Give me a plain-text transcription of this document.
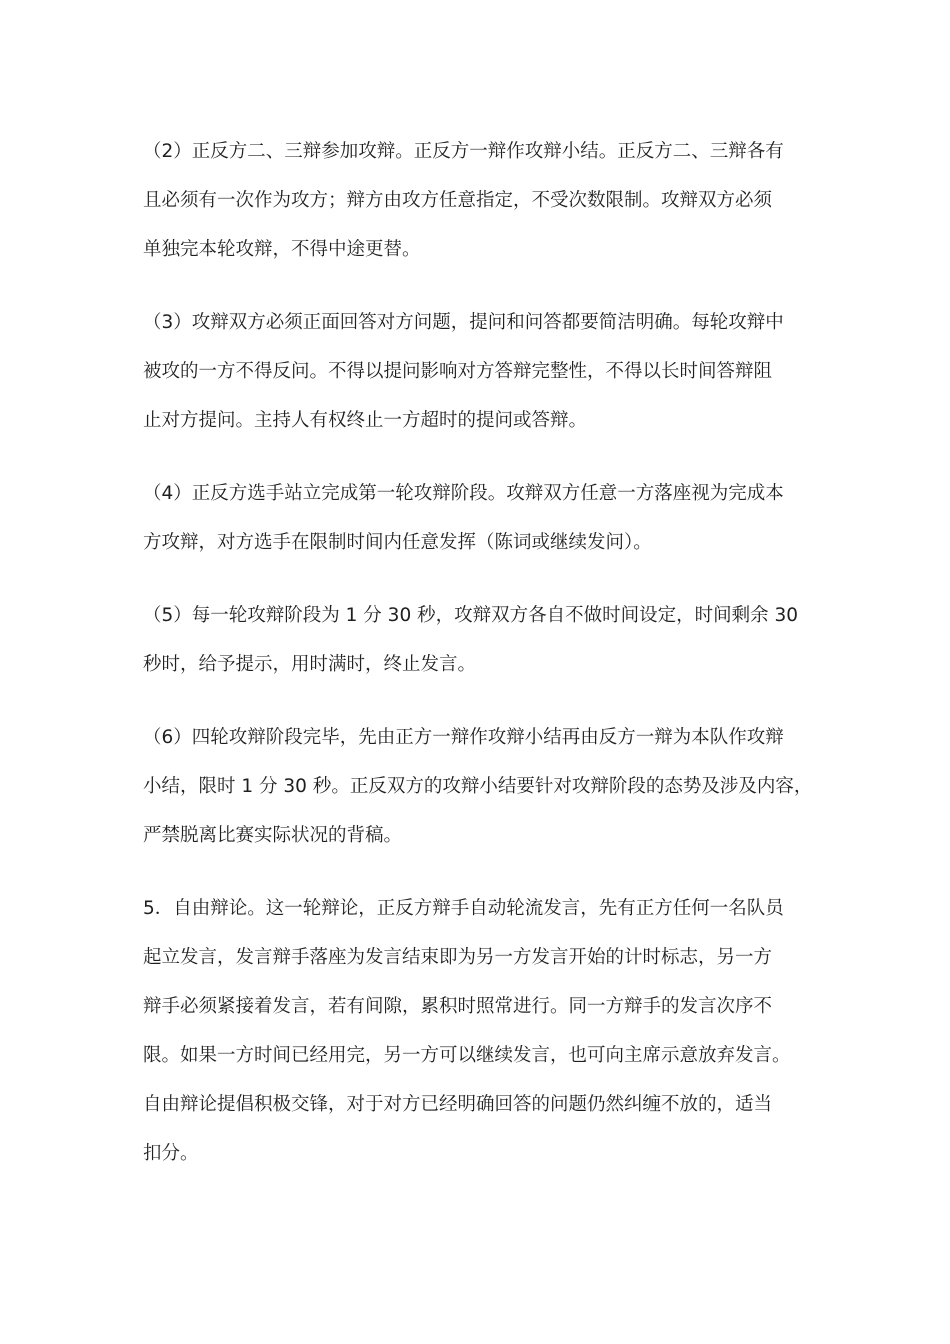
（2）正反方二、三辩参加攻辩。正反方一辩作攻辩小结。正反方二、三辩各有
且必须有一次作为攻方；辩方由攻方任意指定，不受次数限制。攻辩双方必须
单独完本轮攻辩，不得中途更替。
（3）攻辩双方必须正面回答对方问题，提问和问答都要简洁明确。每轮攻辩中
被攻的一方不得反问。不得以提问影响对方答辩完整性，不得以长时间答辩阻
止对方提问。主持人有权终止一方超时的提问或答辩。
（4）正反方选手站立完成第一轮攻辩阶段。攻辩双方任意一方落座视为完成本
方攻辩，对方选手在限制时间内任意发挥（陈词或继续发问）。
（5）每一轮攻辩阶段为 1 分 30 秒，攻辩双方各自不做时间设定，时间剩余 30
秒时，给予提示，用时满时，终止发言。
（6）四轮攻辩阶段完毕，先由正方一辩作攻辩小结再由反方一辩为本队作攻辩
小结，限时 1 分 30 秒。正反双方的攻辩小结要针对攻辩阶段的态势及涉及内容，
严禁脱离比赛实际状况的背稿。
5．自由辩论。这一轮辩论，正反方辩手自动轮流发言，先有正方任何一名队员
起立发言，发言辩手落座为发言结束即为另一方发言开始的计时标志，另一方
辩手必须紧接着发言，若有间隙，累积时照常进行。同一方辩手的发言次序不
限。如果一方时间已经用完，另一方可以继续发言，也可向主席示意放弃发言。
自由辩论提倡积极交锋，对于对方已经明确回答的问题仍然纠缠不放的，适当
扣分。
